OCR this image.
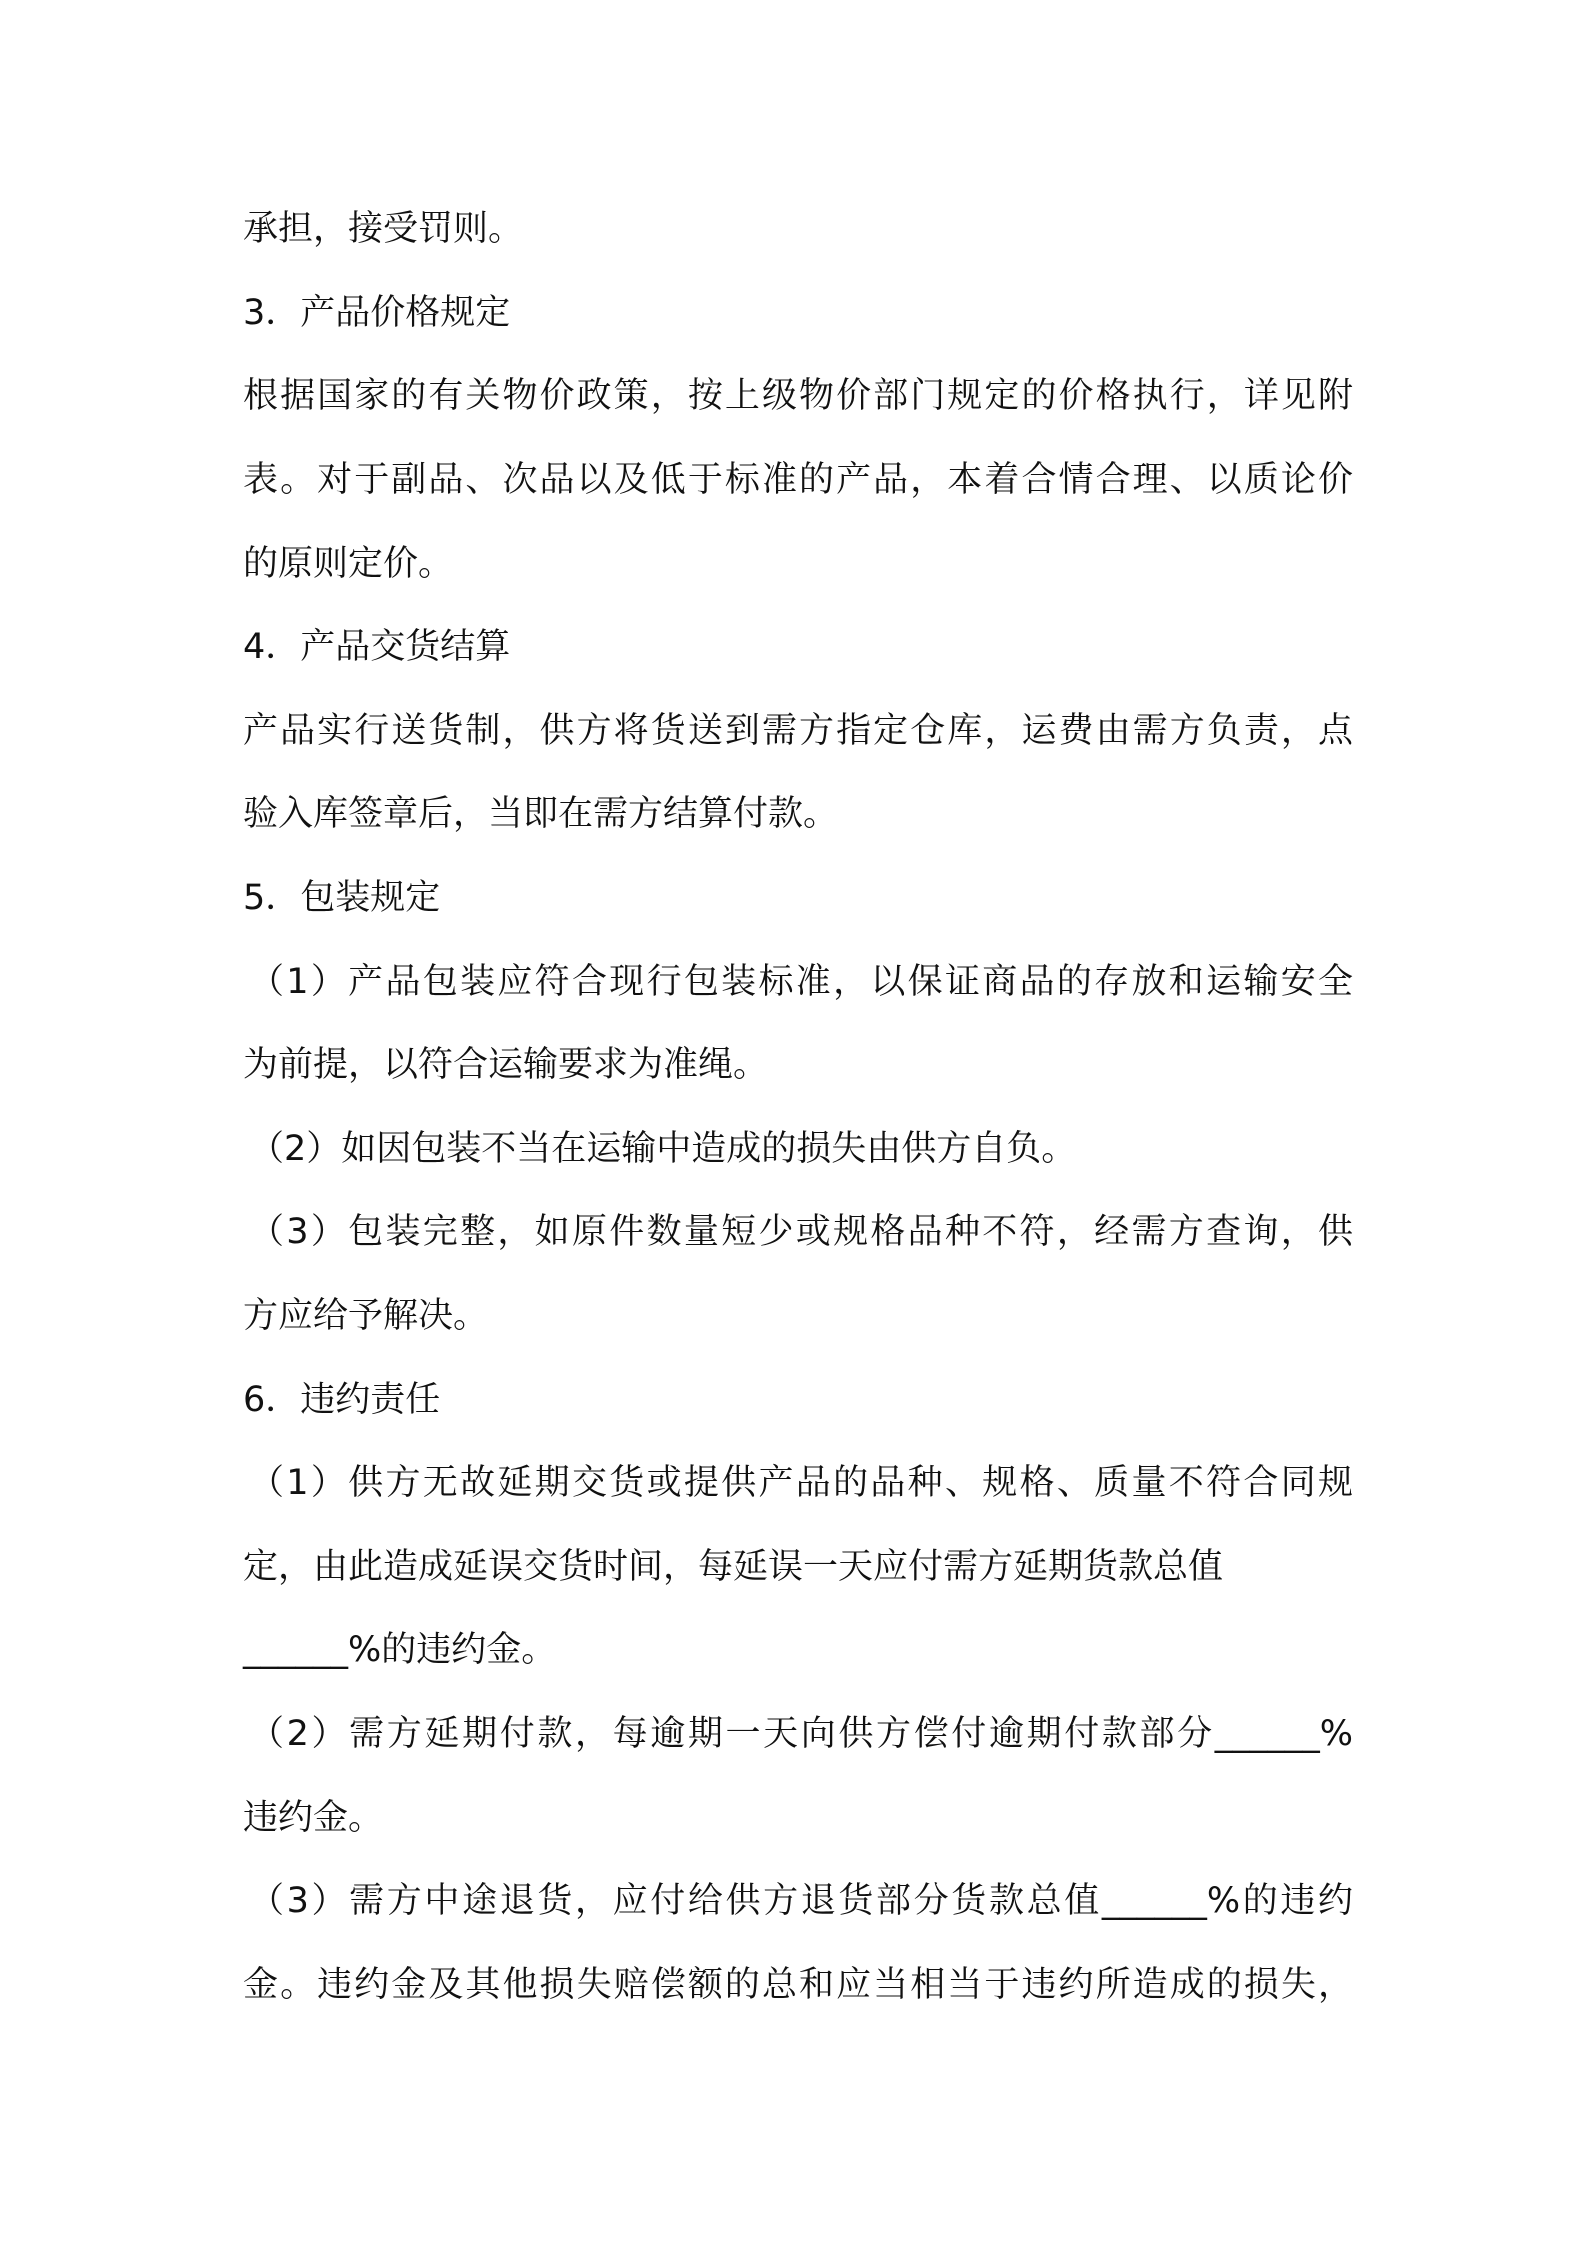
承担，接受罚则。
3．产品价格规定
根据国家的有关物价政策，按上级物价部门规定的价格执行，详见附
表。对于副品、次品以及低于标准的产品，本着合情合理、以质论价
的原则定价。
4．产品交货结算
产品实行送货制，供方将货送到需方指定仓库，运费由需方负责，点
验入库签章后，当即在需方结算付款。
5．包装规定
（1）产品包装应符合现行包装标准，以保证商品的存放和运输安全
为前提，以符合运输要求为准绳。
（2）如因包装不当在运输中造成的损失由供方自负。
（3）包装完整，如原件数量短少或规格品种不符，经需方查询，供
方应给予解决。
6．违约责任
（1）供方无故延期交货或提供产品的品种、规格、质量不符合同规
定，由此造成延误交货时间，每延误一天应付需方延期货款总值
______%的违约金。
（2）需方延期付款，每逾期一天向供方偿付逾期付款部分______%
违约金。
（3）需方中途退货，应付给供方退货部分货款总值______%的违约
金。违约金及其他损失赔偿额的总和应当相当于违约所造成的损失，
